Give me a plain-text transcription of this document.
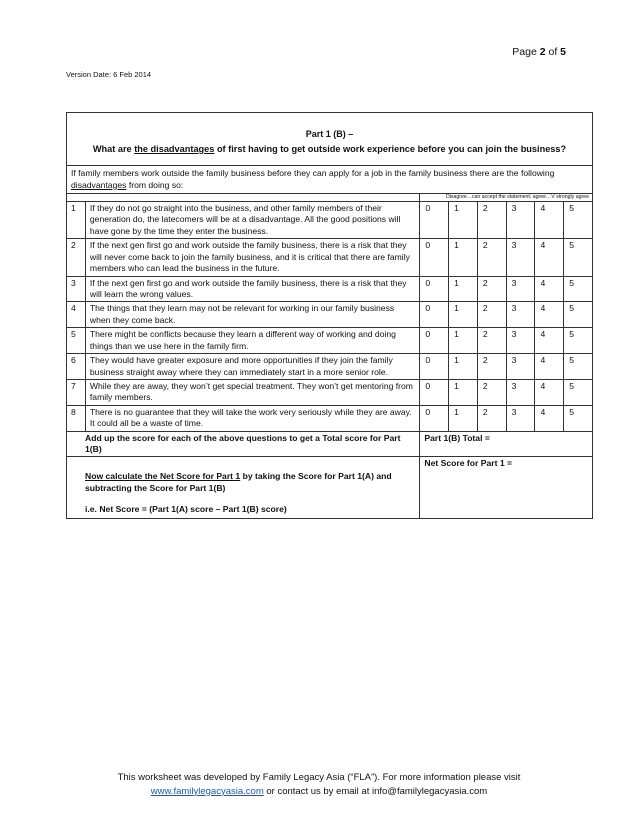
Page 2 of 5
Version Date: 6 Feb 2014
Part 1 (B) –
What are the disadvantages of first having to get outside work experience before you can join the business?							

If family members work outside the family business before they can apply for a job in the family business there are the following disadvantages from doing so:							
		Disagree…can accept the statement; agree…V strongly agree					
1	If they do not go straight into the business, and other family members of their generation do, the latecomers will be at a disadvantage. All the good positions will have gone by the time they enter the business.	0	1	2	3	4	5
2	If the next gen first go and work outside the family business, there is a risk that they will never come back to join the family business, and it is critical that there are family members who can lead the business in the future.	0	1	2	3	4	5
3	If the next gen first go and work outside the family business, there is a risk that they will learn the wrong values.	0	1	2	3	4	5
4	The things that they learn may not be relevant for working in our family business when they come back.	0	1	2	3	4	5
5	There might be conflicts because they learn a different way of working and doing things than we use here in the family firm.	0	1	2	3	4	5
6	They would have greater exposure and more opportunities if they join the family business straight away where they can immediately start in a more senior role.	0	1	2	3	4	5
7	While they are away, they won’t get special treatment. They won’t get mentoring from family members.	0	1	2	3	4	5
8	There is no guarantee that they will take the work very seriously while they are away. It could all be a waste of time.	0	1	2	3	4	5
Add up the score for each of the above questions to get a Total score for Part 1(B)		Part 1(B) Total =					

Now calculate the Net Score for Part 1 by taking the Score for Part 1(A) and subtracting the Score for Part 1(B)
i.e. Net Score = (Part 1(A) score – Part 1(B) score)		Net Score for Part 1 =					
This worksheet was developed by Family Legacy Asia (“FLA”). For more information please visit
www.familylegacyasia.com or contact us by email at info@familylegacyasia.com
